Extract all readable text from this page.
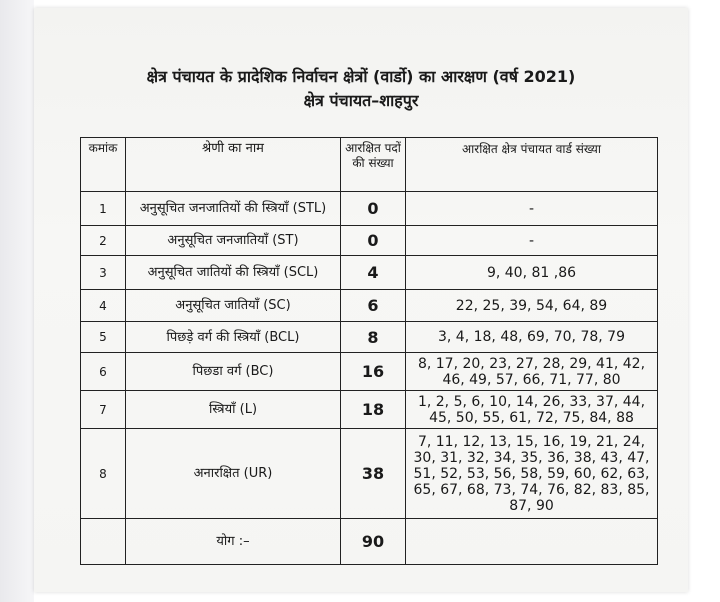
क्षेत्र पंचायत के प्रादेशिक निर्वाचन क्षेत्रों (वार्डो) का आरक्षण (वर्ष 2021)
क्षेत्र पंचायत–शाहपुर
कमांक	श्रेणी का नाम	आरक्षित पदों की संख्या	आरक्षित क्षेत्र पंचायत वार्ड संख्या
1	अनुसूचित जनजातियों की स्त्रियाँ (STL)	0	-
2	अनुसूचित जनजातियाँ (ST)	0	-
3	अनुसूचित जातियों की स्त्रियाँ (SCL)	4	9, 40, 81 ,86
4	अनुसूचित जातियाँ (SC)	6	22, 25, 39, 54, 64, 89
5	पिछड़े वर्ग की स्त्रियाँ (BCL)	8	3, 4, 18, 48, 69, 70, 78, 79
6	पिछडा वर्ग (BC)	16	8, 17, 20, 23, 27, 28, 29, 41, 42, 46, 49, 57, 66, 71, 77, 80
7	स्त्रियाँ (L)	18	1, 2, 5, 6, 10, 14, 26, 33, 37, 44, 45, 50, 55, 61, 72, 75, 84, 88
8	अनारक्षित (UR)	38	7, 11, 12, 13, 15, 16, 19, 21, 24, 30, 31, 32, 34, 35, 36, 38, 43, 47, 51, 52, 53, 56, 58, 59, 60, 62, 63, 65, 67, 68, 73, 74, 76, 82, 83, 85, 87, 90
	योग :–	90	
